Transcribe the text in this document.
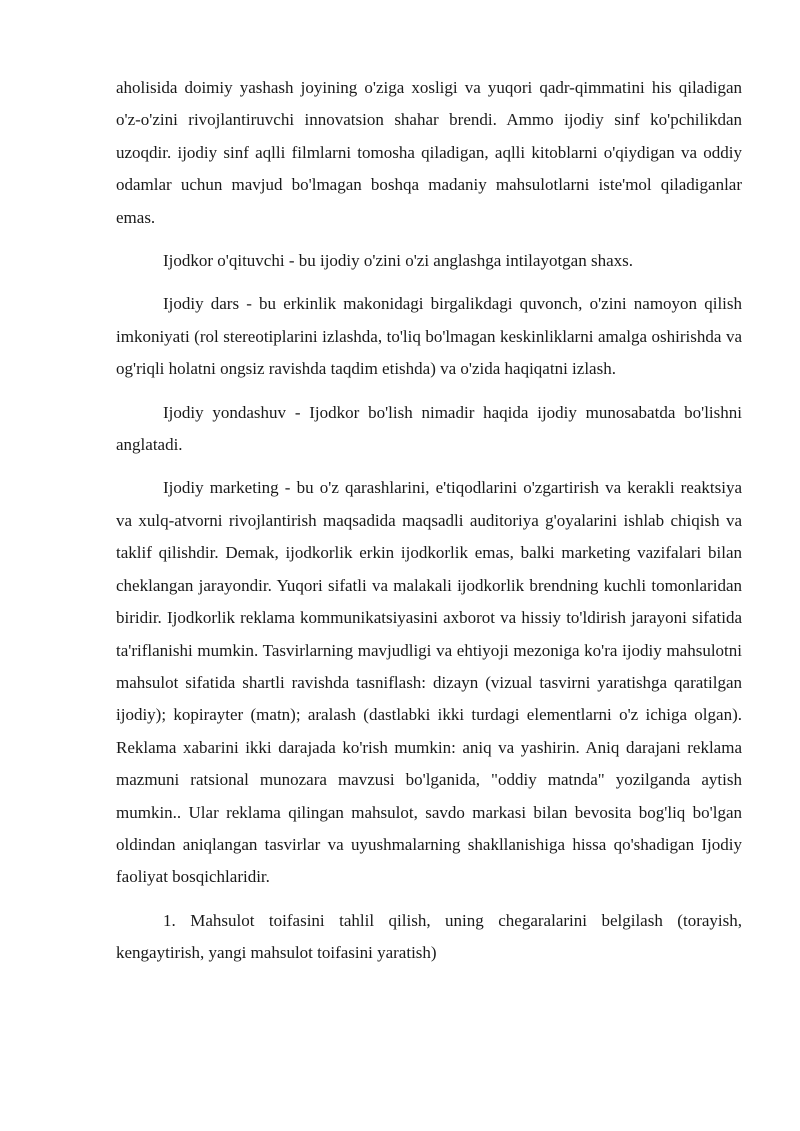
aholisida doimiy yashash joyining o'ziga xosligi va yuqori qadr-qimmatini his qiladigan o'z-o'zini rivojlantiruvchi innovatsion shahar brendi. Ammo ijodiy sinf ko'pchilikdan uzoqdir. ijodiy sinf aqlli filmlarni tomosha qiladigan, aqlli kitoblarni o'qiydigan va oddiy odamlar uchun mavjud bo'lmagan boshqa madaniy mahsulotlarni iste'mol qiladiganlar emas.

Ijodkor o'qituvchi - bu ijodiy o'zini o'zi anglashga intilayotgan shaxs.

Ijodiy dars - bu erkinlik makonidagi birgalikdagi quvonch, o'zini namoyon qilish imkoniyati (rol stereotiplarini izlashda, to'liq bo'lmagan keskinliklarni amalga oshirishda va og'riqli holatni ongsiz ravishda taqdim etishda) va o'zida haqiqatni izlash.

Ijodiy yondashuv - Ijodkor bo'lish nimadir haqida ijodiy munosabatda bo'lishni anglatadi.

Ijodiy marketing - bu o'z qarashlarini, e'tiqodlarini o'zgartirish va kerakli reaktsiya va xulq-atvorni rivojlantirish maqsadida maqsadli auditoriya g'oyalarini ishlab chiqish va taklif qilishdir. Demak, ijodkorlik erkin ijodkorlik emas, balki marketing vazifalari bilan cheklangan jarayondir. Yuqori sifatli va malakali ijodkorlik brendning kuchli tomonlaridan biridir. Ijodkorlik reklama kommunikatsiyasini axborot va hissiy to'ldirish jarayoni sifatida ta'riflanishi mumkin. Tasvirlarning mavjudligi va ehtiyoji mezoniga ko'ra ijodiy mahsulotni mahsulot sifatida shartli ravishda tasniflash: dizayn (vizual tasvirni yaratishga qaratilgan ijodiy); kopirayter (matn); aralash (dastlabki ikki turdagi elementlarni o'z ichiga olgan). Reklama xabarini ikki darajada ko'rish mumkin: aniq va yashirin. Aniq darajani reklama mazmuni ratsional munozara mavzusi bo'lganida, "oddiy matnda" yozilganda aytish mumkin.. Ular reklama qilingan mahsulot, savdo markasi bilan bevosita bog'liq bo'lgan oldindan aniqlangan tasvirlar va uyushmalarning shakllanishiga hissa qo'shadigan Ijodiy faoliyat bosqichlaridir.

1. Mahsulot toifasini tahlil qilish, uning chegaralarini belgilash (torayish, kengaytirish, yangi mahsulot toifasini yaratish)
